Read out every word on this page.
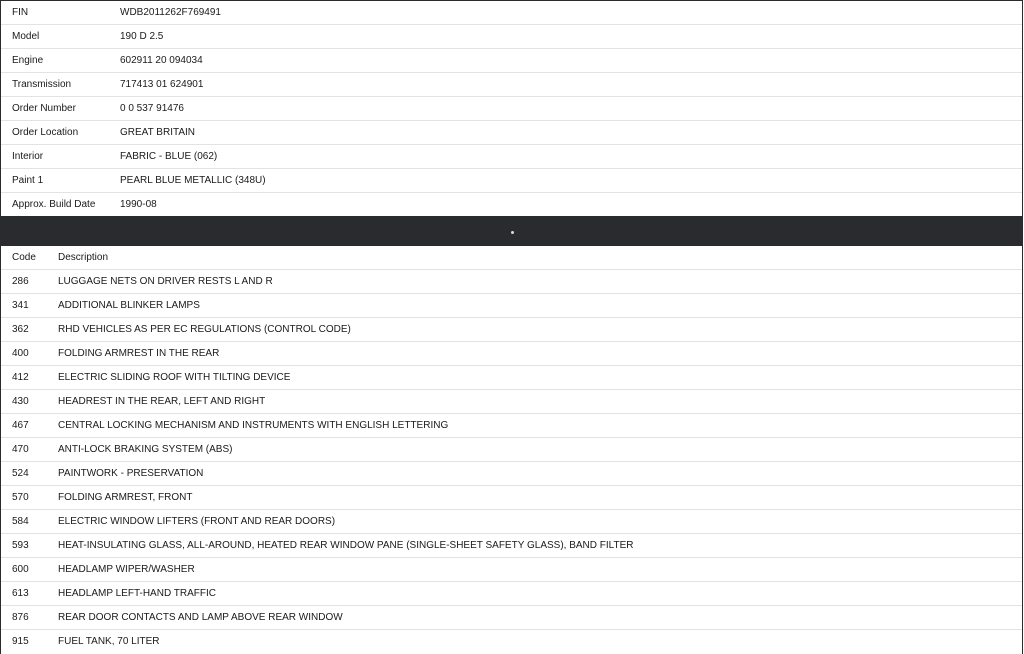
FIN	WDB2011262F769491
Model	190 D 2.5
Engine	602911 20 094034
Transmission	717413 01 624901
Order Number	0 0 537 91476
Order Location	GREAT BRITAIN
Interior	FABRIC - BLUE (062)
Paint 1	PEARL BLUE METALLIC (348U)
Approx. Build Date 1990-08
Code Description
286	LUGGAGE NETS ON DRIVER RESTS L AND R
341	ADDITIONAL BLINKER LAMPS
362	RHD VEHICLES AS PER EC REGULATIONS (CONTROL CODE)
400	FOLDING ARMREST IN THE REAR
412	ELECTRIC SLIDING ROOF WITH TILTING DEVICE
430	HEADREST IN THE REAR, LEFT AND RIGHT
467	CENTRAL LOCKING MECHANISM AND INSTRUMENTS WITH ENGLISH LETTERING
470	ANTI-LOCK BRAKING SYSTEM (ABS)
524	PAINTWORK - PRESERVATION
570	FOLDING ARMREST, FRONT
584	ELECTRIC WINDOW LIFTERS (FRONT AND REAR DOORS)
593	HEAT-INSULATING GLASS, ALL-AROUND, HEATED REAR WINDOW PANE (SINGLE-SHEET SAFETY GLASS), BAND FILTER
600	HEADLAMP WIPER/WASHER
613	HEADLAMP LEFT-HAND TRAFFIC
876	REAR DOOR CONTACTS AND LAMP ABOVE REAR WINDOW
915	FUEL TANK, 70 LITER
